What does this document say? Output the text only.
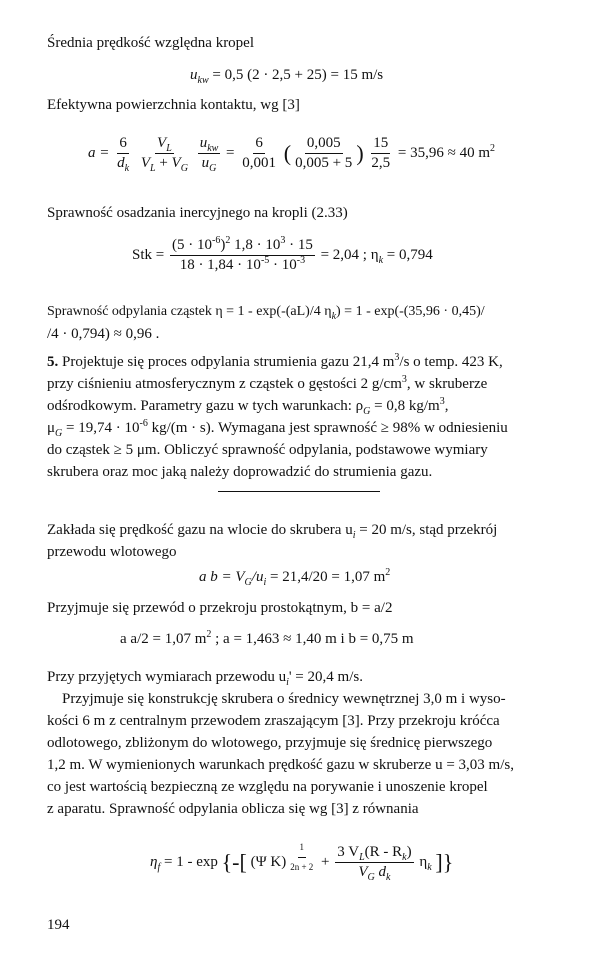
Średnia prędkość względna kropel
$u_{kw} = 0,5$ (2 · 2,5 + 25) = 15 m/s
Efektywna powierzchnia kontaktu, wg [3]
$a = \frac{6}{d_k}$
$\frac{V_L}{V_L + V_G}$
$\frac{u_{kw}}{u_G} = \frac{6}{0,001}$ ( $\frac{0,005}{0,005 + 5}$ ) $\frac{15}{2,5} = 35,96 \approx 40$ $m^2$
Sprawność osadzania inercyjnego na kropli (2.33)
Stk = $\frac{(5 \cdot 10^{-6})^2 1,8 \cdot 10^3 \cdot 15}{18 \cdot 1,84 \cdot 10^{-5} \cdot 10^{-3}} = 2,04$ ; $\eta_k = 0,794$
Sprawność odpylania cząstek η = 1 - exp(-(aL)/4 $\eta_k) = 1 - \exp(-(35,96 \cdot 0,45)/$
/4 · 0,794) ≈ 0,96 .
5. Projektuje się proces odpylania strumienia gazu 21,4 $m^3/s$ o temp. 423 K,
przy ciśnieniu atmosferycznym z cząstek o gęstości 2 $g/cm^3$, w skruberze
odśrodkowym. Parametry gazu w tych warunkach: $\rho_G = 0,8$ $kg/m^3$,
$\mu_G = 19,74 \cdot 10^{-6}$ kg/(m · s). Wymagana jest sprawność ≥ 98% w odniesieniu
do cząstek ≥ 5 μm. Obliczyć sprawność odpylania, podstawowe wymiary
skrubera oraz moc jaką należy doprowadzić do strumienia gazu.
Zakłada się prędkość gazu na wlocie do skrubera $u_i = 20$ m/s, stąd przekrój
przewodu wlotowego
a $b = V_G/u_i = 21,4/20 = 1,07$ $m^2$
Przyjmuje się przewód o przekroju prostokątnym, b = a/2
a a/2 = 1,07 $m^2$ ; a = 1,463 ≈ 1,40 m i b = 0,75 m
Przy przyjętych wymiarach przewodu $u_i' = 20,4$ m/s.
Przyjmuje się konstrukcję skrubera o średnicy wewnętrznej 3,0 m i wyso-
kości 6 m z centralnym przewodem zraszającym [3]. Przy przekroju króćca
odlotowego, zbliżonym do wlotowego, przyjmuje się średnicę pierwszego
1,2 m. W wymienionych warunkach prędkość gazu w skruberze u = 3,03 m/s,
co jest wartością bezpieczną ze względu na porywanie i unoszenie kropel
z aparatu. Sprawność odpylania oblicza się wg [3] z równania
$\eta_f = 1 - \exp$ {-[ (Ψ K) $^{\frac{1}{2n + 2}} + \frac{3 V_L(R - R_k)}{V_G d_k} \eta_k$ ]}
194
